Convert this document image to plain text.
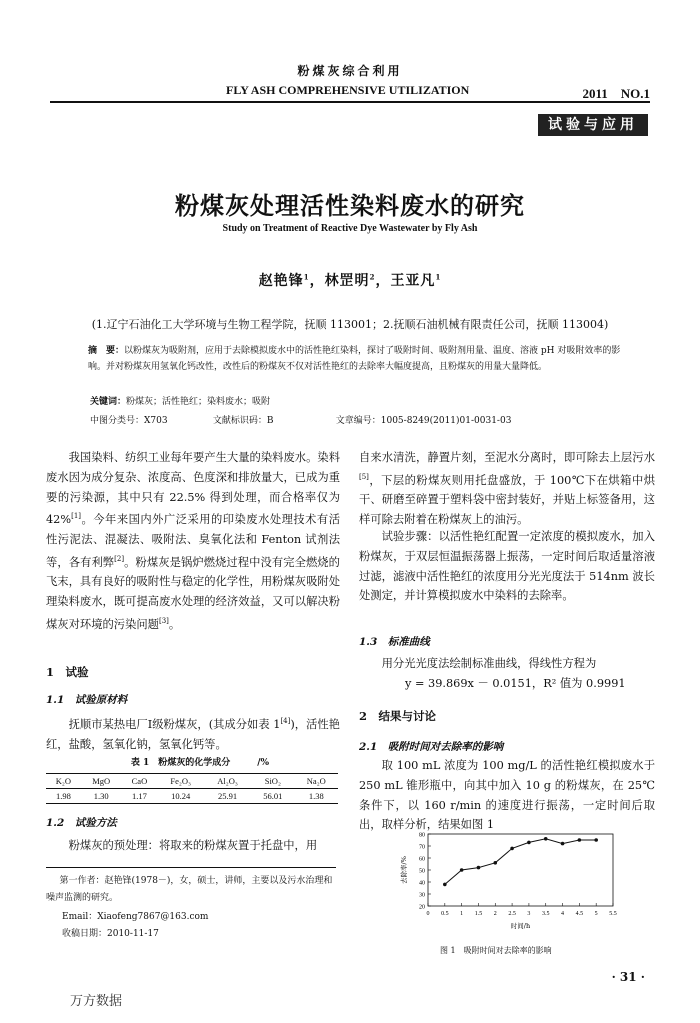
粉煤灰综合利用
FLY ASH COMPREHENSIVE UTILIZATION	2011　NO.1
试验与应用
粉煤灰处理活性染料废水的研究
Study on Treatment of Reactive Dye Wastewater by Fly Ash
赵艳锋$^1$，林罡明$^2$，王亚凡$^1$
(1.辽宁石油化工大学环境与生物工程学院，抚顺 113001；2.抚顺石油机械有限责任公司，抚顺 113004)
摘　要：以粉煤灰为吸附剂，应用于去除模拟废水中的活性艳红染料，探讨了吸附时间、吸附剂用量、温度、溶液 pH 对吸附效率的影响。并对粉煤灰用氢氧化钙改性，改性后的粉煤灰不仅对活性艳红的去除率大幅度提高，且粉煤灰的用量大量降低。
关键词：粉煤灰；活性艳红；染料废水；吸附
中图分类号：X703	文献标识码：B	文章编号：1005-8249(2011)01-0031-03
我国染料、纺织工业每年要产生大量的染料废水。染料废水因为成分复杂、浓度高、色度深和排放量大，已成为重要的污染源，其中只有 22.5% 得到处理，而合格率仅为 42%[1]。今年来国内外广泛采用的印染废水处理技术有活性污泥法、混凝法、吸附法、臭氧化法和 Fenton 试剂法等，各有利弊[2]。粉煤灰是锅炉燃烧过程中没有完全燃烧的飞末，具有良好的吸附性与稳定的化学性，用粉煤灰吸附处理染料废水，既可提高废水处理的经济效益，又可以解决粉煤灰对环境的污染问题[3]。
1　试验
1.1　试验原材料
抚顺市某热电厂Ⅰ级粉煤灰，(其成分如表 1[4])，活性艳红，盐酸，氢氧化钠，氢氧化钙等。
表 1　粉煤灰的化学成分　　　/%
K₂O	MgO	CaO	Fe₂O₃	Al₂O₃	SiO₂	Na₂O
1.98	1.30	1.17	10.24	25.91	56.01	1.38
1.2　试验方法
粉煤灰的预处理：将取来的粉煤灰置于托盘中，用
第一作者：赵艳锋(1978－)，女，硕士，讲师，主要以及污水治理和噪声监测的研究。
Email：Xiaofeng7867@163.com
收稿日期：2010-11-17
自来水清洗，静置片刻，至泥水分离时，即可除去上层污水[5]，下层的粉煤灰则用托盘盛放，于 100℃下在烘箱中烘干、研磨至碎置于塑料袋中密封装好，并贴上标签备用，这样可除去附着在粉煤灰上的油污。
试验步骤：以活性艳红配置一定浓度的模拟废水，加入粉煤灰，于双层恒温振荡器上振荡，一定时间后取适量溶液过滤，滤液中活性艳红的浓度用分光光度法于 514nm 波长处测定，并计算模拟废水中染料的去除率。
1.3　标准曲线
用分光光度法绘制标准曲线，得线性方程为
y = 39.869x － 0.0151，R² 值为 0.9991
2　结果与讨论
2.1　吸附时间对去除率的影响
取 100 mL 浓度为 100 mg/L 的活性艳红模拟废水于 250 mL 锥形瓶中，向其中加入 10 g 的粉煤灰，在 25℃条件下，以 160 r/min 的速度进行振荡，一定时间后取出，取样分析，结果如图 1
20
30
40
50
60
70
80
0 0.5 1 1.5 2 2.5 3 3.5 4 4.5 5 5.5
时间/h
去除率/%
图 1　吸附时间对去除率的影响
· 31 ·
万方数据
